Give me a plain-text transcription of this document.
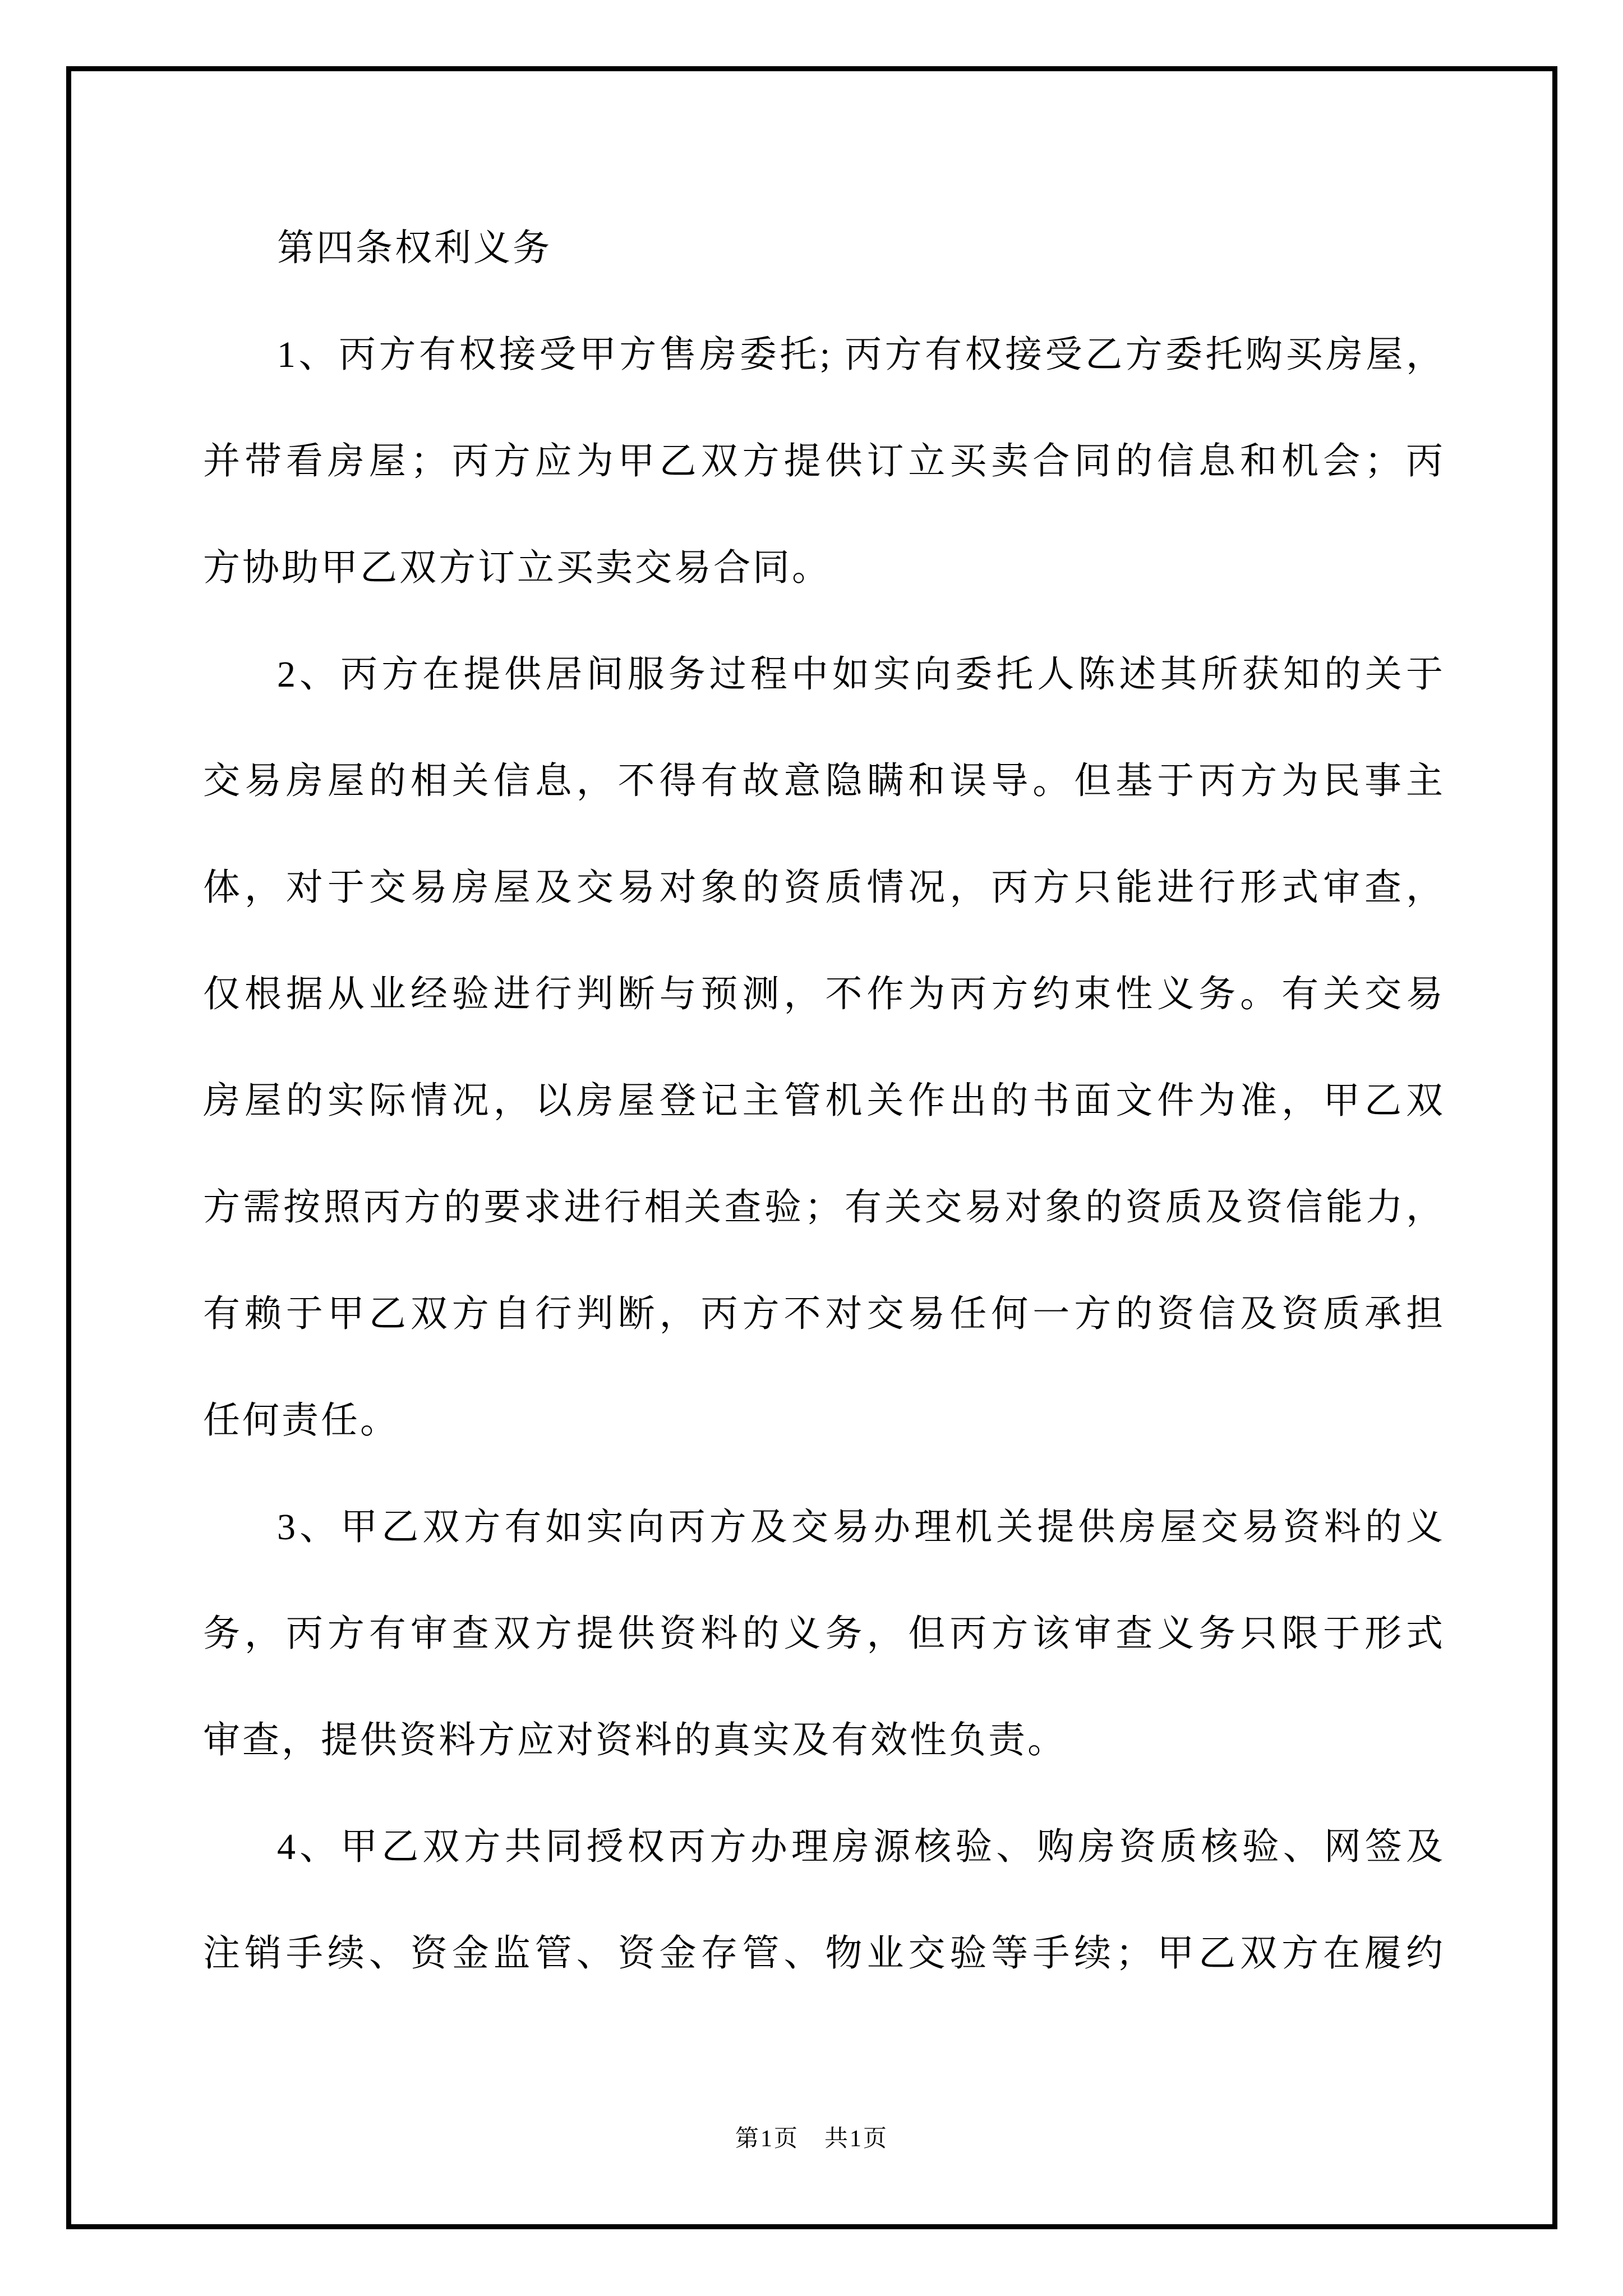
第四条权利义务
1、丙方有权接受甲方售房委托; 丙方有权接受乙方委托购买房屋，
并带看房屋；丙方应为甲乙双方提供订立买卖合同的信息和机会；丙
方协助甲乙双方订立买卖交易合同。
2、丙方在提供居间服务过程中如实向委托人陈述其所获知的关于
交易房屋的相关信息，不得有故意隐瞒和误导。但基于丙方为民事主
体，对于交易房屋及交易对象的资质情况，丙方只能进行形式审查，
仅根据从业经验进行判断与预测，不作为丙方约束性义务。有关交易
房屋的实际情况，以房屋登记主管机关作出的书面文件为准，甲乙双
方需按照丙方的要求进行相关查验；有关交易对象的资质及资信能力，
有赖于甲乙双方自行判断，丙方不对交易任何一方的资信及资质承担
任何责任。
3、甲乙双方有如实向丙方及交易办理机关提供房屋交易资料的义
务，丙方有审查双方提供资料的义务，但丙方该审查义务只限于形式
审查，提供资料方应对资料的真实及有效性负责。
4、甲乙双方共同授权丙方办理房源核验、购房资质核验、网签及
注销手续、资金监管、资金存管、物业交验等手续；甲乙双方在履约
第1页　共1页
